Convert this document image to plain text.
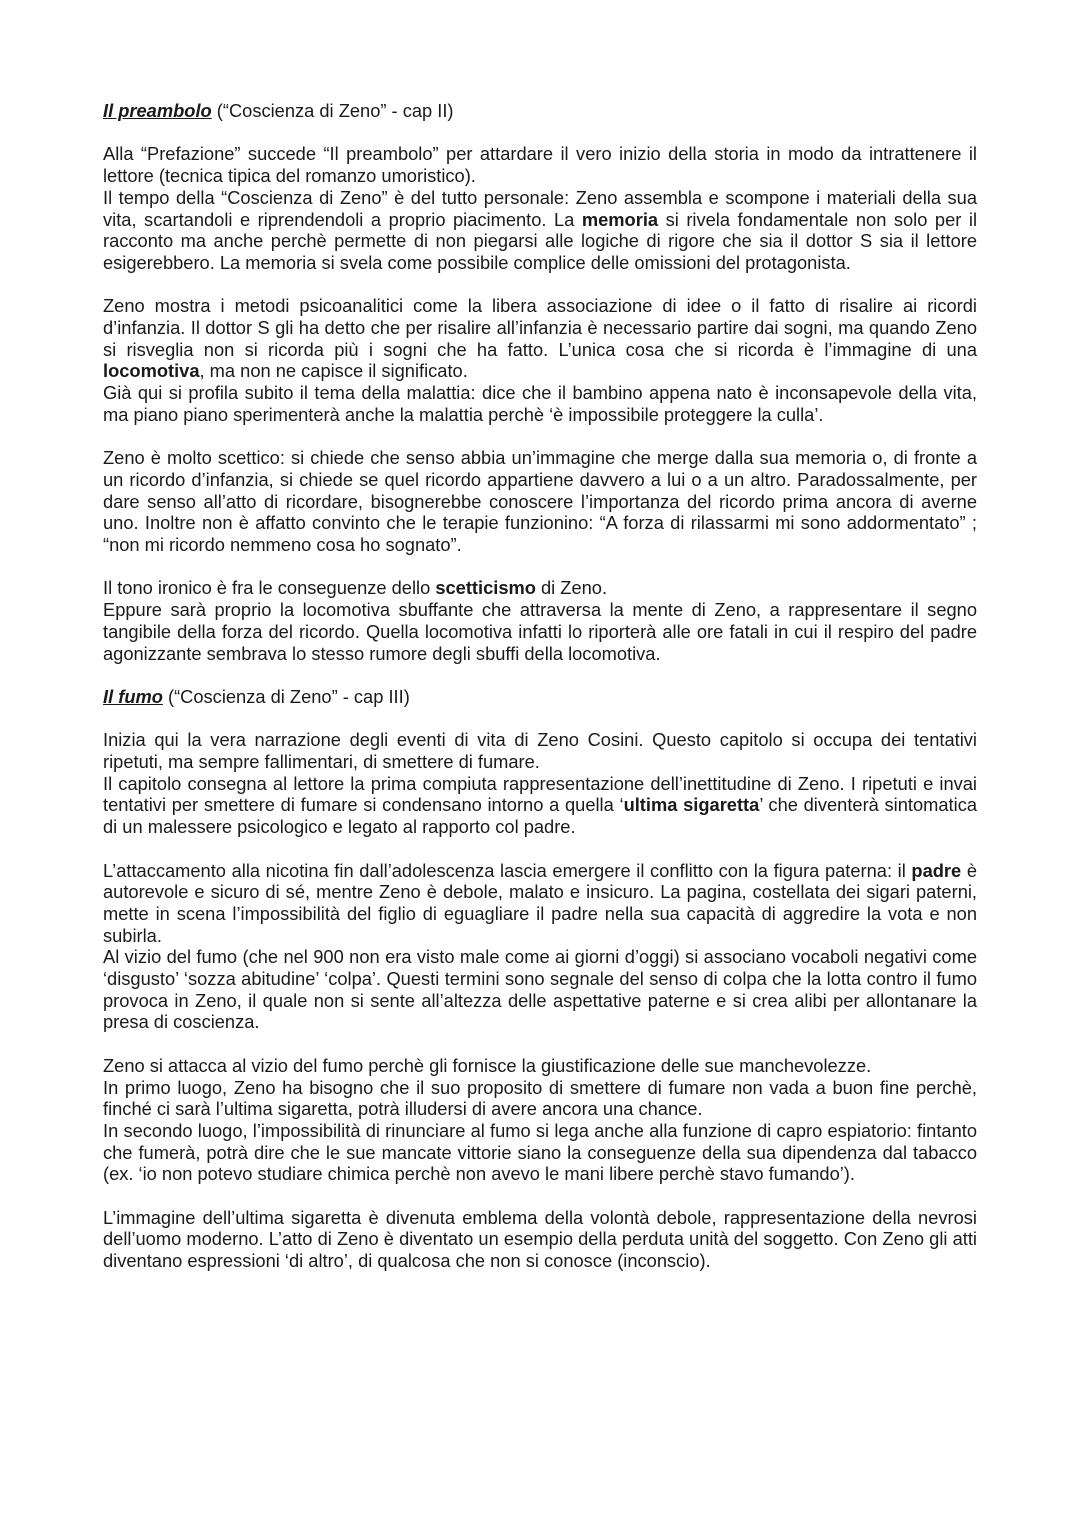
Il preambolo (“Coscienza di Zeno” - cap II)

Alla “Prefazione” succede “Il preambolo” per attardare il vero inizio della storia in modo da intrattenere il lettore (tecnica tipica del romanzo umoristico).
Il tempo della “Coscienza di Zeno” è del tutto personale: Zeno assembla e scompone i materiali della sua vita, scartandoli e riprendendoli a proprio piacimento. La memoria si rivela fondamentale non solo per il racconto ma anche perchè permette di non piegarsi alle logiche di rigore che sia il dottor S sia il lettore esigerebbero. La memoria si svela come possibile complice delle omissioni del protagonista.

Zeno mostra i metodi psicoanalitici come la libera associazione di idee o il fatto di risalire ai ricordi d’infanzia. Il dottor S gli ha detto che per risalire all’infanzia è necessario partire dai sogni, ma quando Zeno si risveglia non si ricorda più i sogni che ha fatto. L’unica cosa che si ricorda è l’immagine di una locomotiva, ma non ne capisce il significato.
Già qui si profila subito il tema della malattia: dice che il bambino appena nato è inconsapevole della vita, ma piano piano sperimenterà anche la malattia perchè ‘è impossibile proteggere la culla’.

Zeno è molto scettico: si chiede che senso abbia un’immagine che merge dalla sua memoria o, di fronte a un ricordo d’infanzia, si chiede se quel ricordo appartiene davvero a lui o a un altro. Paradossalmente, per dare senso all’atto di ricordare, bisognerebbe conoscere l’importanza del ricordo prima ancora di averne uno. Inoltre non è affatto convinto che le terapie funzionino: “A forza di rilassarmi mi sono addormentato” ; “non mi ricordo nemmeno cosa ho sognato”.

Il tono ironico è fra le conseguenze dello scetticismo di Zeno.
Eppure sarà proprio la locomotiva sbuffante che attraversa la mente di Zeno, a rappresentare il segno tangibile della forza del ricordo. Quella locomotiva infatti lo riporterà alle ore fatali in cui il respiro del padre agonizzante sembrava lo stesso rumore degli sbuffi della locomotiva.

Il fumo (“Coscienza di Zeno” - cap III)

Inizia qui la vera narrazione degli eventi di vita di Zeno Cosini. Questo capitolo si occupa dei tentativi ripetuti, ma sempre fallimentari, di smettere di fumare.
Il capitolo consegna al lettore la prima compiuta rappresentazione dell’inettitudine di Zeno. I ripetuti e invai tentativi per smettere di fumare si condensano intorno a quella ‘ultima sigaretta’ che diventerà sintomatica di un malessere psicologico e legato al rapporto col padre.

L’attaccamento alla nicotina fin dall’adolescenza lascia emergere il conflitto con la figura paterna: il padre è autorevole e sicuro di sé, mentre Zeno è debole, malato e insicuro. La pagina, costellata dei sigari paterni, mette in scena l’impossibilità del figlio di eguagliare il padre nella sua capacità di aggredire la vota e non subirla.
Al vizio del fumo (che nel 900 non era visto male come ai giorni d’oggi) si associano vocaboli negativi come ‘disgusto’ ‘sozza abitudine’ ‘colpa’. Questi termini sono segnale del senso di colpa che la lotta contro il fumo provoca in Zeno, il quale non si sente all’altezza delle aspettative paterne e si crea alibi per allontanare la presa di coscienza.

Zeno si attacca al vizio del fumo perchè gli fornisce la giustificazione delle sue manchevolezze.
In primo luogo, Zeno ha bisogno che il suo proposito di smettere di fumare non vada a buon fine perchè, finché ci sarà l’ultima sigaretta, potrà illudersi di avere ancora una chance.
In secondo luogo, l’impossibilità di rinunciare al fumo si lega anche alla funzione di capro espiatorio: fintanto che fumerà, potrà dire che le sue mancate vittorie siano la conseguenze della sua dipendenza dal tabacco (ex. ‘io non potevo studiare chimica perchè non avevo le mani libere perchè stavo fumando’).

L’immagine dell’ultima sigaretta è divenuta emblema della volontà debole, rappresentazione della nevrosi dell’uomo moderno. L’atto di Zeno è diventato un esempio della perduta unità del soggetto. Con Zeno gli atti diventano espressioni ‘di altro’, di qualcosa che non si conosce (inconscio).
